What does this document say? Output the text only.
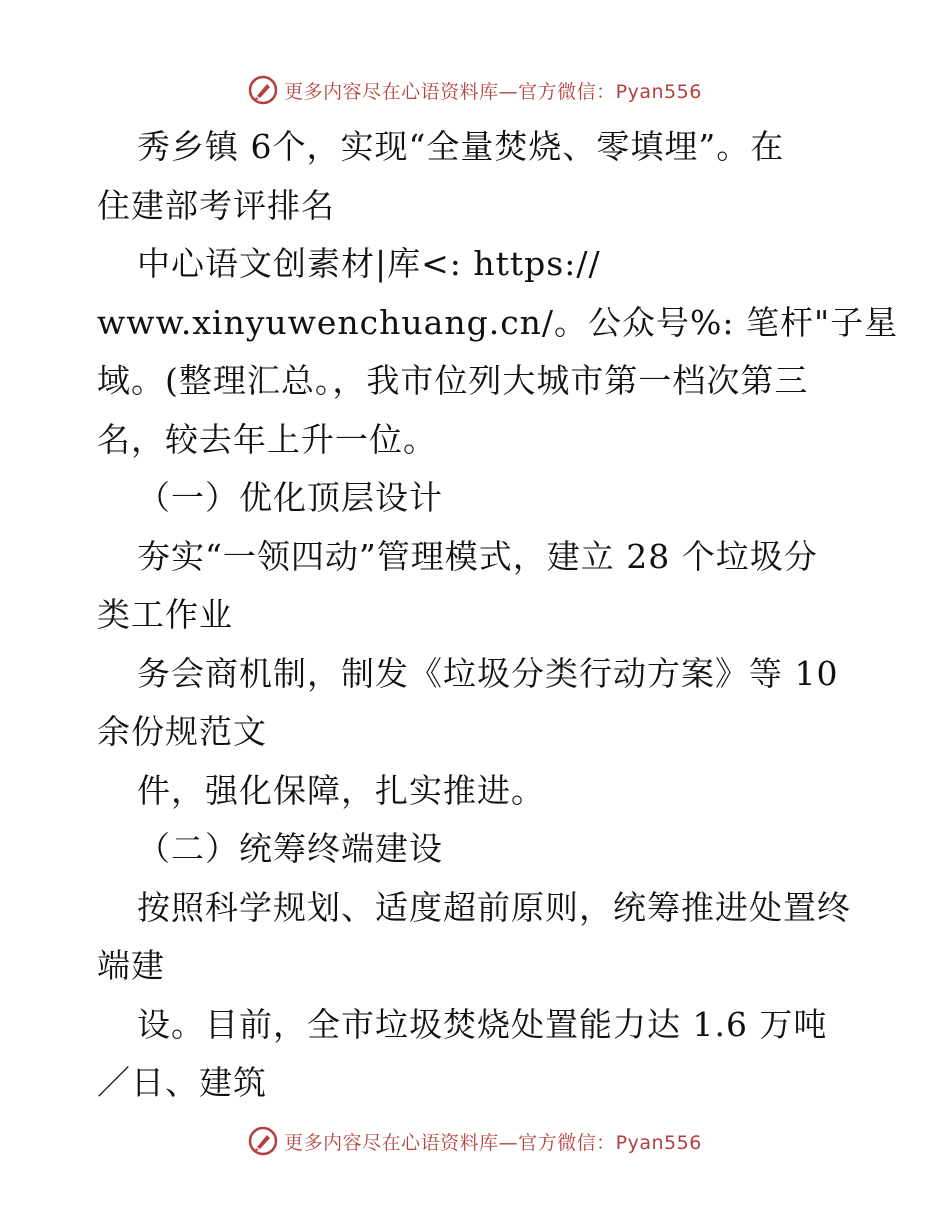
更多内容尽在心语资料库—官方微信：Pyan556
秀乡镇 6个，实现“全量焚烧、零填埋”。在
住建部考评排名
中心语文创素材|库<: https://
www.xinyuwenchuang.cn/。公众号%: 笔杆"子星
域。(整理汇总。，我市位列大城市第一档次第三
名，较去年上升一位。
（一）优化顶层设计
夯实“一领四动”管理模式，建立 28 个垃圾分
类工作业
务会商机制，制发《垃圾分类行动方案》等 10
余份规范文
件，强化保障，扎实推进。
（二）统筹终端建设
按照科学规划、适度超前原则，统筹推进处置终
端建
设。目前，全市垃圾焚烧处置能力达 1.6 万吨
／日、建筑
更多内容尽在心语资料库—官方微信：Pyan556
